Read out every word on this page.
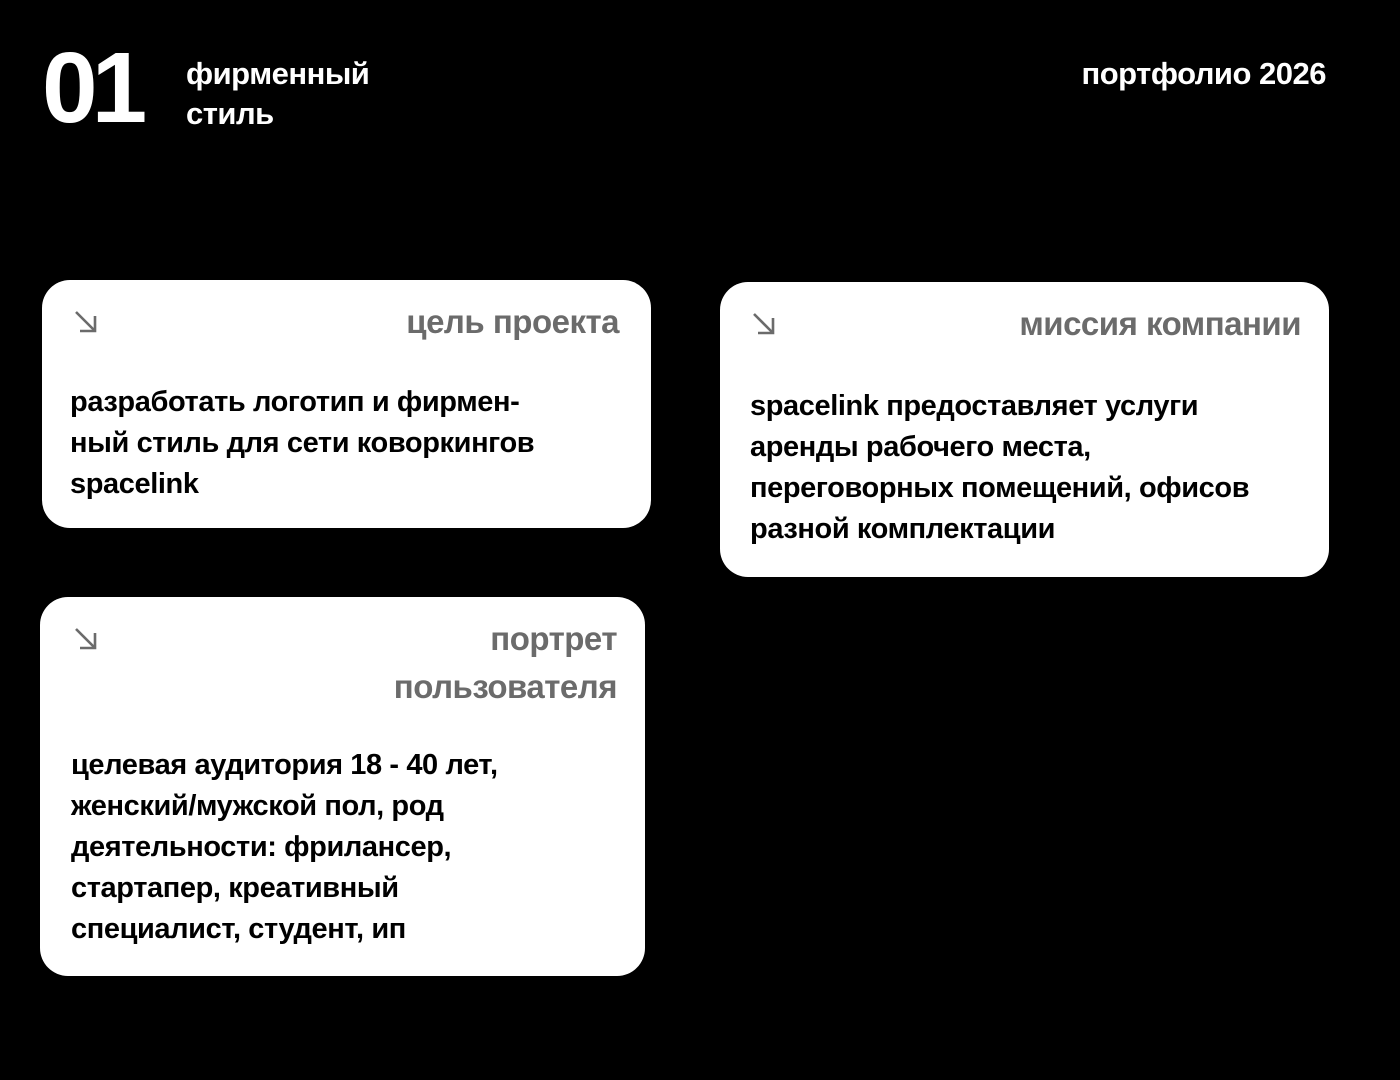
01 фирменный
стиль
портфолио 2026
цель проекта
разработать логотип и фирмен-
ный стиль для сети коворкингов
spacelink
миссия компании
spacelink предоставляет услуги
аренды рабочего места,
переговорных помещений, офисов
разной комплектации
портрет
пользователя
целевая аудитория 18 - 40 лет,
женский/мужской пол, род
деятельности: фрилансер,
стартапер, креативный
специалист, студент, ип
